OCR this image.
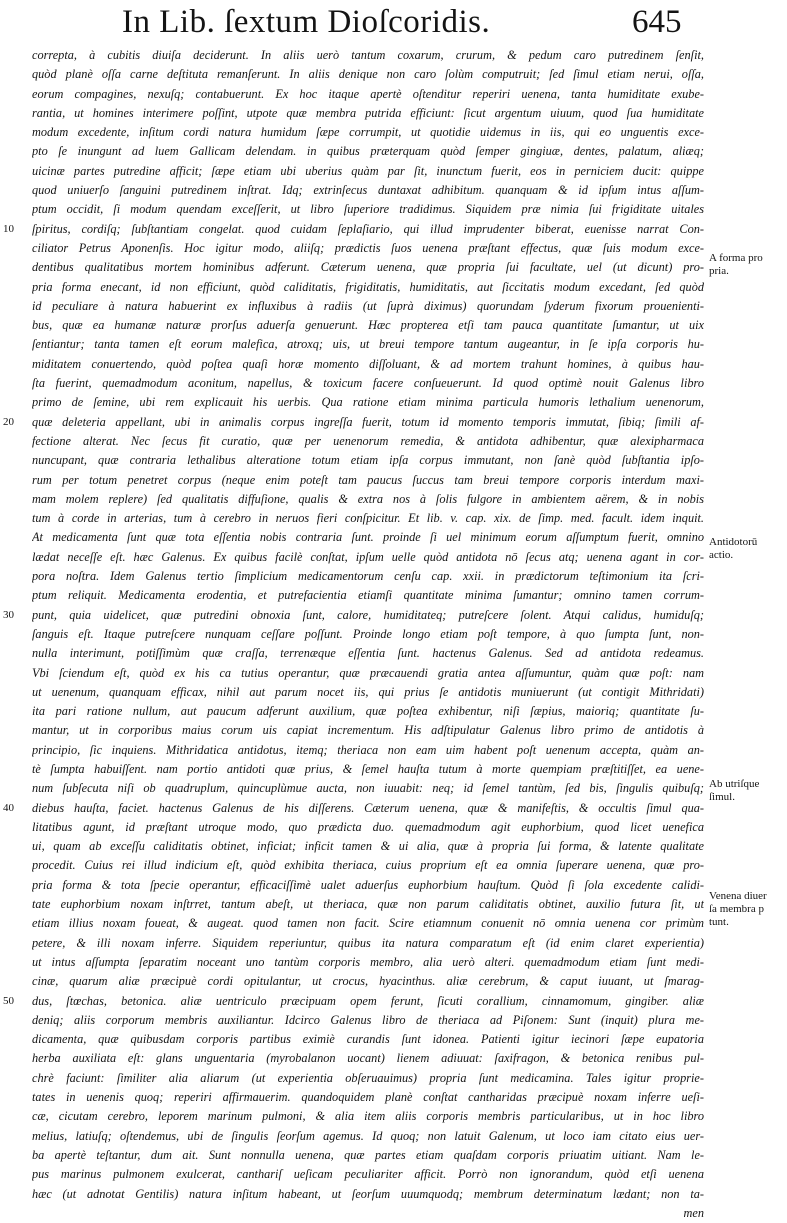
In Lib. ſextum Dioſcoridis.	645
correpta, à cubitis diuiſa deciderunt. In aliis uerò tantum coxarum, crurum, & pedum caro putredinem ſenſit,
quòd planè oſſa carne deſtituta remanſerunt. In aliis denique non caro ſolùm computruit; ſed ſimul etiam nerui, oſſa,
eorum compagines, nexuſq; contabuerunt. Ex hoc itaque apertè oſtenditur reperiri uenena, tanta humiditate exube-
rantia, ut homines interimere poſſint, utpote quæ membra putrida efficiunt: ſicut argentum uiuum, quod ſua humiditate
modum excedente, inſitum cordi natura humidum ſæpe corrumpit, ut quotidie uidemus in iis, qui eo unguentis exce-
pto ſe inungunt ad luem Gallicam delendam. in quibus præterquam quòd ſemper gingiuæ, dentes, palatum, aliæq;
uicinæ partes putredine afficit; ſæpe etiam ubi uberius quàm par ſit, inunctum fuerit, eos in perniciem ducit: quippe
quod uniuerſo ſanguini putredinem inſtrat. Idq; extrinſecus duntaxat adhibitum. quanquam & id ipſum intus aſſum-
ptum occidit, ſi modum quendam exceſſerit, ut libro ſuperiore tradidimus. Siquidem præ nimia ſui frigiditate uitales
ſpiritus, cordiſq; ſubſtantiam congelat. quod cuidam ſeplaſiario, qui illud imprudenter biberat, euenisse narrat Con-
ciliator Petrus Aponenſis. Hoc igitur modo, aliiſq; prædictis ſuos uenena præſtant effectus, quæ ſuis modum exce-
dentibus qualitatibus mortem hominibus adferunt. Cæterum uenena, quæ propria ſui facultate, uel (ut dicunt) pro-
pria forma enecant, id non efficiunt, quòd caliditatis, frigiditatis, humiditatis, aut ſiccitatis modum excedant, ſed quòd
id peculiare à natura habuerint ex influxibus à radiis (ut ſuprà diximus) quorundam ſyderum fixorum prouenienti-
bus, quæ ea humanæ naturæ prorſus aduerſa genuerunt. Hæc propterea etſi tam pauca quantitate ſumantur, ut uix
ſentiantur; tanta tamen eſt eorum malefica, atroxq; uis, ut breui tempore tantum augeantur, in ſe ipſa corporis hu-
miditatem conuertendo, quòd poſtea quaſi horæ momento diſſoluant, & ad mortem trahunt homines, à quibus hau-
ſta fuerint, quemadmodum aconitum, napellus, & toxicum facere conſueuerunt. Id quod optimè nouit Galenus libro
primo de ſemine, ubi rem explicauit his uerbis. Qua ratione etiam minima particula humoris lethalium uenenorum,
quæ deleteria appellant, ubi in animalis corpus ingreſſa fuerit, totum id momento temporis immutat, ſibiq; ſimili af-
fectione alterat. Nec ſecus fit curatio, quæ per uenenorum remedia, & antidota adhibentur, quæ alexipharmaca
nuncupant, quæ contraria lethalibus alteratione totum etiam ipſa corpus immutant, non ſanè quòd ſubſtantia ipſo-
rum per totum penetret corpus (neque enim poteſt tam paucus ſuccus tam breui tempore corporis interdum maxi-
mam molem replere) ſed qualitatis diffuſione, qualis & extra nos à ſolis fulgore in ambientem aërem, & in nobis
tum à corde in arterias, tum à cerebro in neruos fieri conſpicitur. Et lib. v. cap. xix. de ſimp. med. facult. idem inquit.
At medicamenta ſunt quæ tota eſſentia nobis contraria ſunt. proinde ſi uel minimum eorum aſſumptum fuerit, omnino
lædat neceſſe eſt. hæc Galenus. Ex quibus facilè conſtat, ipſum uelle quòd antidota nō ſecus atq; uenena agant in cor-
pora noſtra. Idem Galenus tertio ſimplicium medicamentorum cenſu cap. xxii. in prædictorum teſtimonium ita ſcri-
ptum reliquit. Medicamenta erodentia, et putrefacientia etiamſi quantitate minima ſumantur; omnino tamen corrum-
punt, quia uidelicet, quæ putredini obnoxia ſunt, calore, humiditateq; putreſcere ſolent. Atqui calidus, humiduſq;
ſanguis eſt. Itaque putreſcere nunquam ceſſare poſſunt. Proinde longo etiam poſt tempore, à quo ſumpta ſunt, non-
nulla interimunt, potiſſimùm quæ craſſa, terrenæque eſſentia ſunt. hactenus Galenus. Sed ad antidota redeamus.
Vbi ſciendum eſt, quòd ex his ca tutius operantur, quæ præcauendi gratia antea aſſumuntur, quàm quæ poſt: nam
ut uenenum, quanquam efficax, nihil aut parum nocet iis, qui prius ſe antidotis muniuerunt (ut contigit Mithridati)
ita pari ratione nullum, aut paucum adferunt auxilium, quæ poſtea exhibentur, niſi ſæpius, maioriq; quantitate ſu-
mantur, ut in corporibus maius corum uis capiat incrementum. His adſtipulatur Galenus libro primo de antidotis à
principio, ſic inquiens. Mithridatica antidotus, itemq; theriaca non eam uim habent poſt uenenum accepta, quàm an-
tè ſumpta habuiſſent. nam portio antidoti quæ prius, & ſemel hauſta tutum à morte quempiam præſtitiſſet, ea uene-
num ſubſecuta niſi ob quadruplum, quincuplùmue aucta, non iuuabit: neq; id ſemel tantùm, ſed bis, ſingulis quibuſq;
diebus hauſta, faciet. hactenus Galenus de his diſſerens. Cæterum uenena, quæ & manifeſtis, & occultis ſimul qua-
litatibus agunt, id præſtant utroque modo, quo prædicta duo. quemadmodum agit euphorbium, quod licet uenefica
ui, quam ab exceſſu caliditatis obtinet, inficiat; inficit tamen & ui alia, quæ à propria ſui forma, & latente qualitate
procedit. Cuius rei illud indicium eſt, quòd exhibita theriaca, cuius proprium eſt ea omnia ſuperare uenena, quæ pro-
pria forma & tota ſpecie operantur, efficaciſſimè ualet aduerſus euphorbium hauſtum. Quòd ſi ſola excedente calidi-
tate euphorbium noxam inſtrret, tantum abeſt, ut theriaca, quæ non parum caliditatis obtinet, auxilio futura ſit, ut
etiam illius noxam foueat, & augeat. quod tamen non facit. Scire etiamnum conuenit nō omnia uenena cor primùm
petere, & illi noxam inferre. Siquidem reperiuntur, quibus ita natura comparatum eſt (id enim claret experientia)
ut intus aſſumpta ſeparatim noceant uno tantùm corporis membro, alia uerò alteri. quemadmodum etiam ſunt medi-
cinæ, quarum aliæ præcipuè cordi opitulantur, ut crocus, hyacinthus. aliæ cerebrum, & caput iuuant, ut ſmarag-
dus, ſtœchas, betonica. aliæ uentriculo præcipuam opem ferunt, ſicuti corallium, cinnamomum, gingiber. aliæ
deniq; aliis corporum membris auxiliantur. Idcirco Galenus libro de theriaca ad Piſonem: Sunt (inquit) plura me-
dicamenta, quæ quibusdam corporis partibus eximiè curandis ſunt idonea. Patienti igitur iecinori ſæpe eupatoria
herba auxiliata eſt: glans unguentaria (myrobalanon uocant) lienem adiuuat: ſaxifragon, & betonica renibus pul-
chrè faciunt: ſimiliter alia aliarum (ut experientia obſeruauimus) propria ſunt medicamina. Tales igitur proprie-
tates in uenenis quoq; reperiri affirmauerim. quandoquidem planè conſtat cantharidas præcipuè noxam inferre ueſi-
cæ, cicutam cerebro, leporem marinum pulmoni, & alia item aliis corporis membris particularibus, ut in hoc libro
melius, latiuſq; oſtendemus, ubi de ſingulis ſeorſum agemus. Id quoq; non latuit Galenum, ut loco iam citato eius uer-
ba apertè teſtantur, dum ait. Sunt nonnulla uenena, quæ partes etiam quaſdam corporis priuatim uitiant. Nam le-
pus marinus pulmonem exulcerat, canthariſ ueſicam peculiariter afficit. Porrò non ignorandum, quòd etſi uenena
hæc (ut adnotat Gentilis) natura inſitum habeant, ut ſeorſum uuumquodq; membrum determinatum lædant; non ta-
men
10
20
30
40
50
A forma pro
pria.
Antidotorū
actio.
Ab utriſque
ſimul.
Venena diuer
ſa membra p
tunt.
